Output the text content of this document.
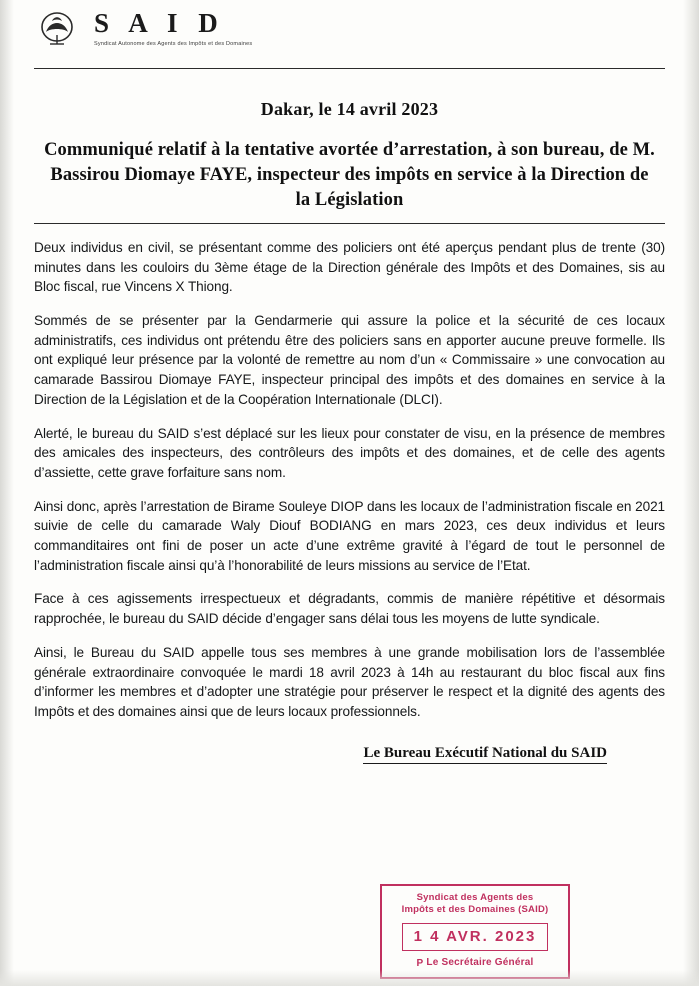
S A I D
Syndicat Autonome des Agents des Impôts et des Domaines
Dakar, le 14 avril 2023
Communiqué relatif à la tentative avortée d’arrestation, à son bureau, de M. Bassirou Diomaye FAYE, inspecteur des impôts en service à la Direction de la Législation

Deux individus en civil, se présentant comme des policiers ont été aperçus pendant plus de trente (30) minutes dans les couloirs du 3ème étage de la Direction générale des Impôts et des Domaines, sis au Bloc fiscal, rue Vincens X Thiong.

Sommés de se présenter par la Gendarmerie qui assure la police et la sécurité de ces locaux administratifs, ces individus ont prétendu être des policiers sans en apporter aucune preuve formelle. Ils ont expliqué leur présence par la volonté de remettre au nom d’un « Commissaire » une convocation au camarade Bassirou Diomaye FAYE, inspecteur principal des impôts et des domaines en service à la Direction de la Législation et de la Coopération Internationale (DLCI).

Alerté, le bureau du SAID s’est déplacé sur les lieux pour constater de visu, en la présence de membres des amicales des inspecteurs, des contrôleurs des impôts et des domaines, et de celle des agents d’assiette, cette grave forfaiture sans nom.

Ainsi donc, après l’arrestation de Birame Souleye DIOP dans les locaux de l’administration fiscale en 2021 suivie de celle du camarade Waly Diouf BODIANG en mars 2023, ces deux individus et leurs commanditaires ont fini de poser un acte d’une extrême gravité à l’égard de tout le personnel de l’administration fiscale ainsi qu’à l’honorabilité de leurs missions au service de l’Etat.

Face à ces agissements irrespectueux et dégradants, commis de manière répétitive et désormais rapprochée, le bureau du SAID décide d’engager sans délai tous les moyens de lutte syndicale.

Ainsi, le Bureau du SAID appelle tous ses membres à une grande mobilisation lors de l’assemblée générale extraordinaire convoquée le mardi 18 avril 2023 à 14h au restaurant du bloc fiscal aux fins d’informer les membres et d’adopter une stratégie pour préserver le respect et la dignité des agents des Impôts et des domaines ainsi que de leurs locaux professionnels.

Le Bureau Exécutif National du SAID
Syndicat des Agents des
Impôts et des Domaines (SAID)
1 4 AVR. 2023
P Le Secrétaire Général
